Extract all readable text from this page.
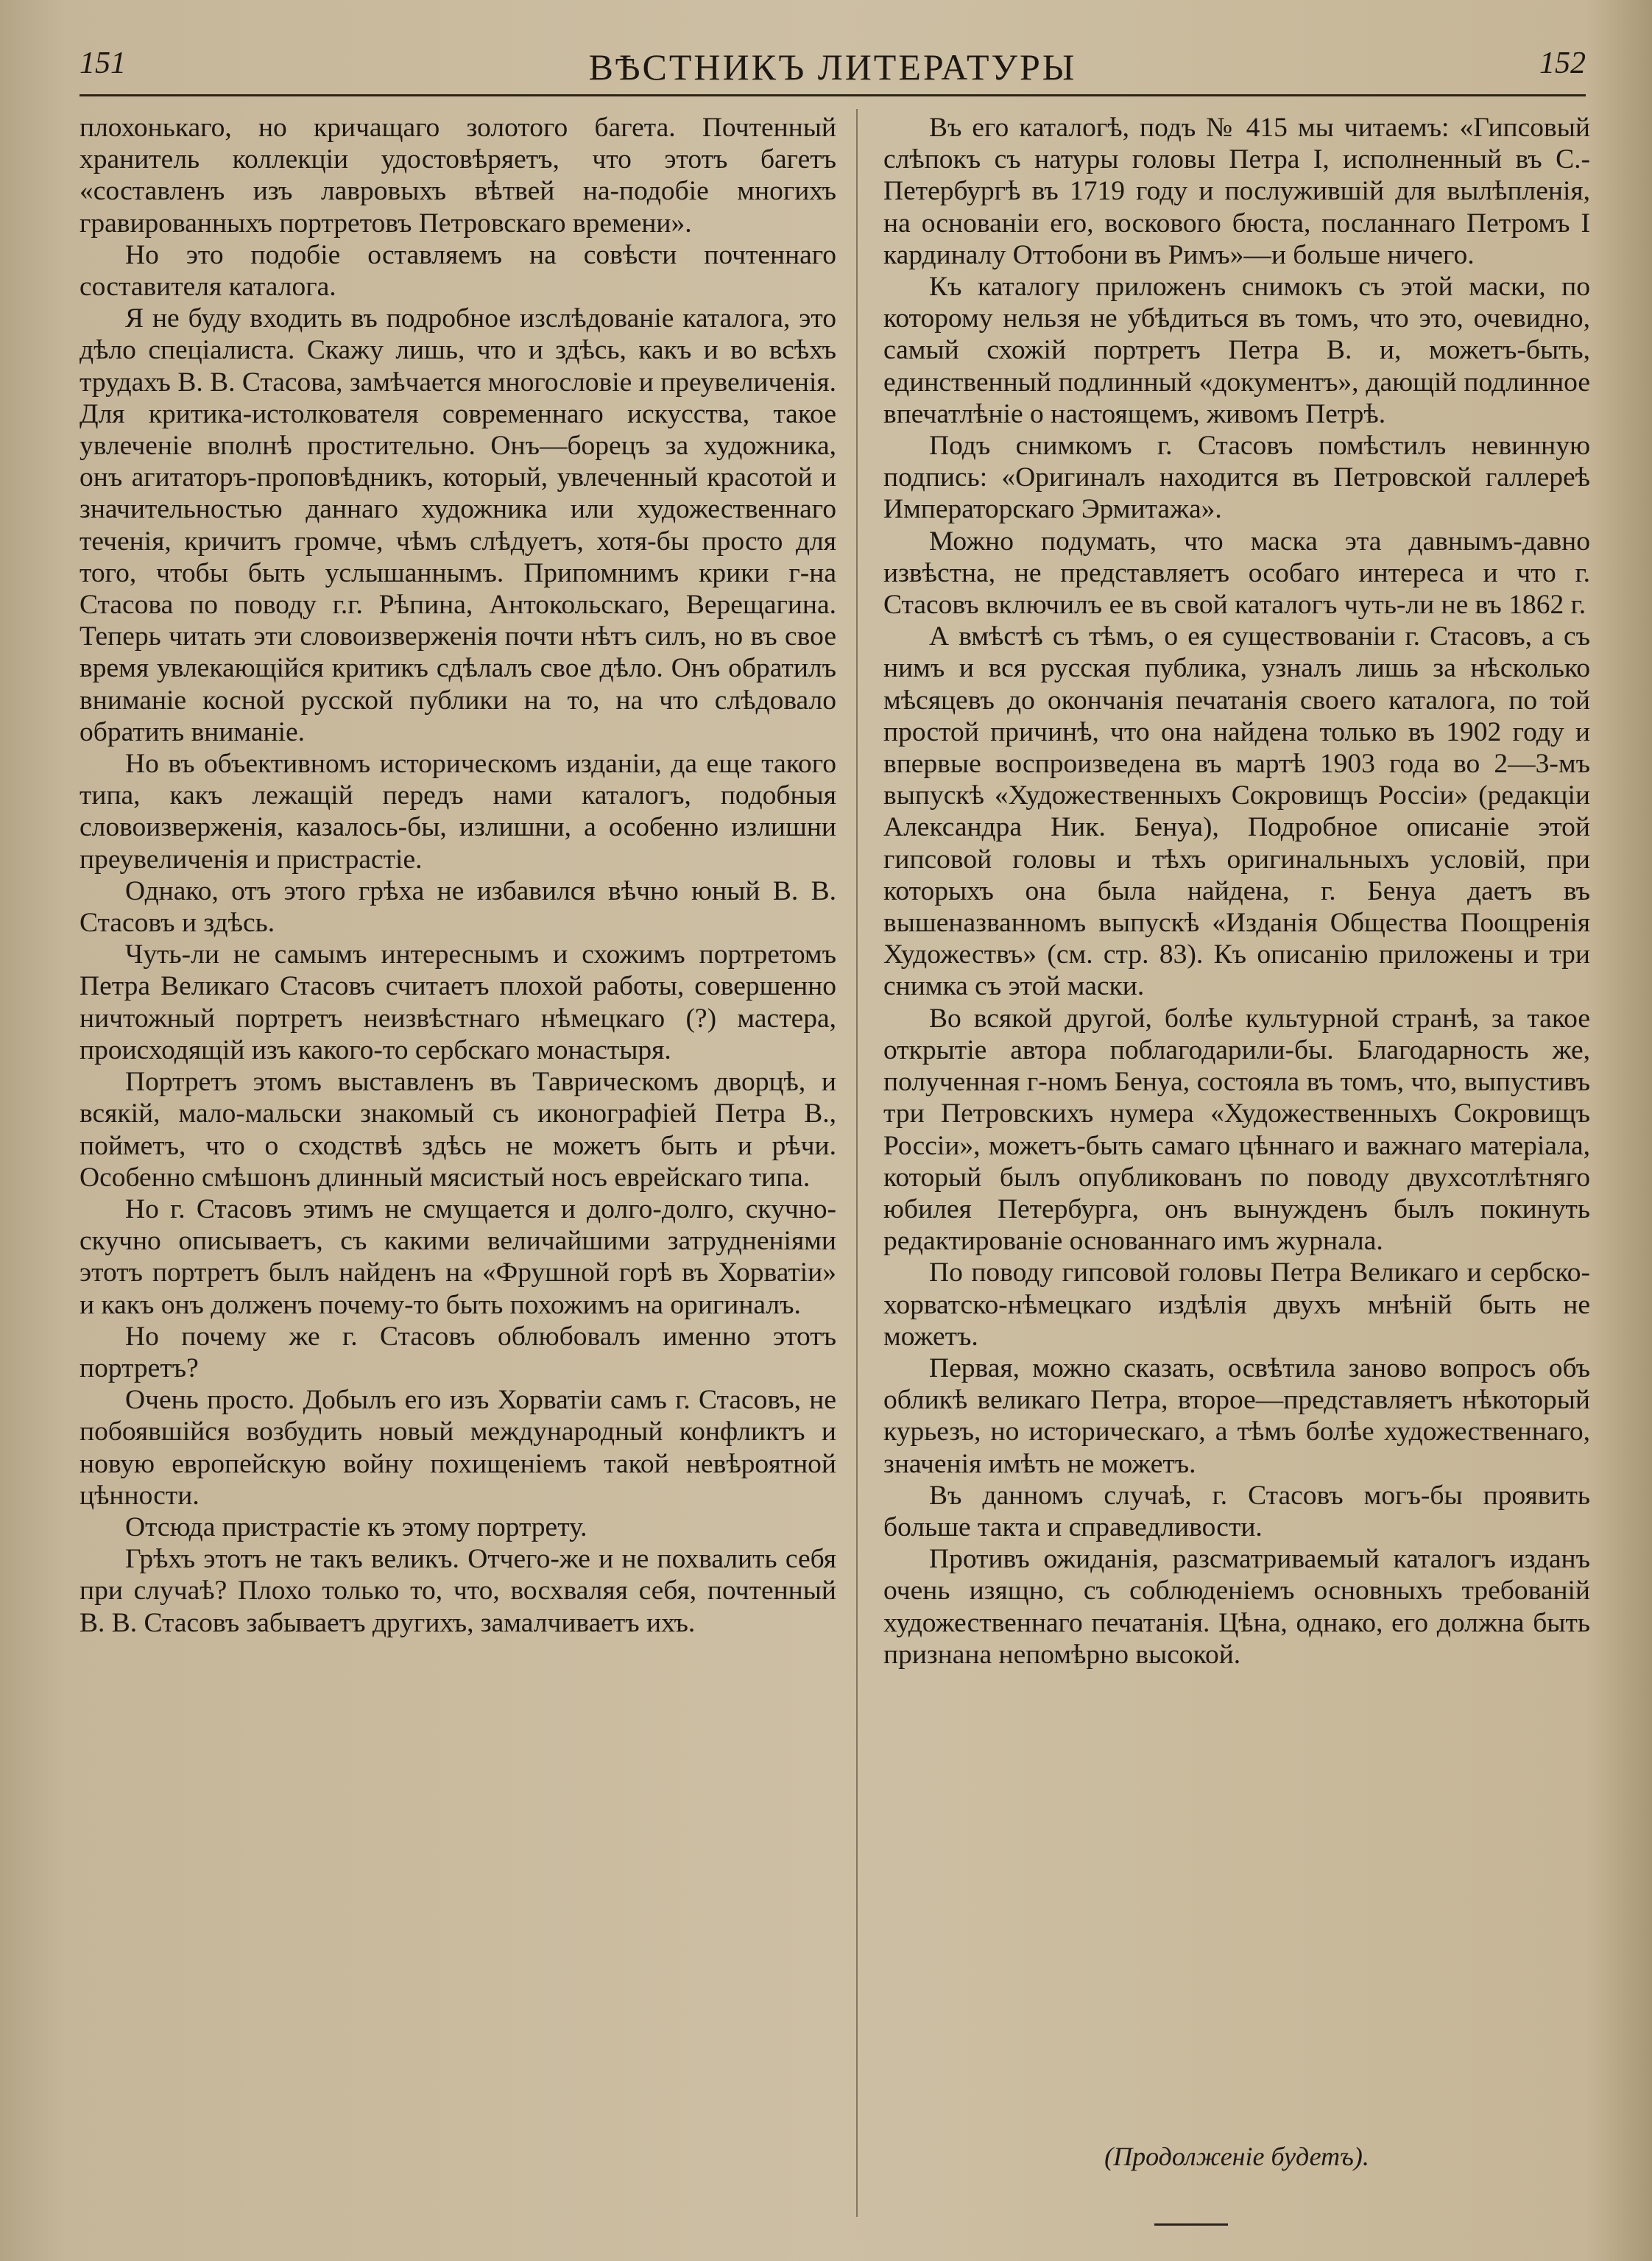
151	ВѢСТНИКЪ ЛИТЕРАТУРЫ	152

плохонькаго, но кричащаго золотого багета. Почтенный хранитель коллекціи удостовѣряетъ, что этотъ багетъ «составленъ изъ лавровыхъ вѣтвей на-подобіе многихъ гравированныхъ портретовъ Петровскаго времени».

Но это подобіе оставляемъ на совѣсти почтеннаго составителя каталога.

Я не буду входить въ подробное изслѣдованіе каталога, это дѣло спеціалиста. Скажу лишь, что и здѣсь, какъ и во всѣхъ трудахъ В. В. Стасова, замѣчается многословіе и преувеличенія. Для критика-истолкователя современнаго искусства, такое увлеченіе вполнѣ простительно. Онъ—борецъ за художника, онъ агитаторъ-проповѣдникъ, который, увлеченный красотой и значительностью даннаго художника или художественнаго теченія, кричитъ громче, чѣмъ слѣдуетъ, хотя-бы просто для того, чтобы быть услышаннымъ. Припомнимъ крики г-на Стасова по поводу г.г. Рѣпина, Антокольскаго, Верещагина. Теперь читать эти словоизверженія почти нѣтъ силъ, но въ свое время увлекающійся критикъ сдѣлалъ свое дѣло. Онъ обратилъ вниманіе косной русской публики на то, на что слѣдовало обратить вниманіе.

Но въ объективномъ историческомъ изданіи, да еще такого типа, какъ лежащій передъ нами каталогъ, подобныя словоизверженія, казалось-бы, излишни, а особенно излишни преувеличенія и пристрастіе.

Однако, отъ этого грѣха не избавился вѣчно юный В. В. Стасовъ и здѣсь.

Чуть-ли не самымъ интереснымъ и схожимъ портретомъ Петра Великаго Стасовъ считаетъ плохой работы, совершенно ничтожный портретъ неизвѣстнаго нѣмецкаго (?) мастера, происходящій изъ какого-то сербскаго монастыря.

Портретъ этомъ выставленъ въ Таврическомъ дворцѣ, и всякій, мало-мальски знакомый съ иконографіей Петра В., пойметъ, что о сходствѣ здѣсь не можетъ быть и рѣчи. Особенно смѣшонъ длинный мясистый носъ еврейскаго типа.

Но г. Стасовъ этимъ не смущается и долго-долго, скучно-скучно описываетъ, съ какими величайшими затрудненіями этотъ портретъ былъ найденъ на «Фрушной горѣ въ Хорватіи» и какъ онъ долженъ почему-то быть похожимъ на оригиналъ.

Но почему же г. Стасовъ облюбовалъ именно этотъ портретъ?

Очень просто. Добылъ его изъ Хорватіи самъ г. Стасовъ, не побоявшійся возбудить новый международный конфликтъ и новую европейскую войну похищеніемъ такой невѣроятной цѣнности.

Отсюда пристрастіе къ этому портрету.

Грѣхъ этотъ не такъ великъ. Отчего-же и не похвалить себя при случаѣ? Плохо только то, что, восхваляя себя, почтенный В. В. Стасовъ забываетъ другихъ, замалчиваетъ ихъ.

Въ его каталогѣ, подъ № 415 мы читаемъ: «Гипсовый слѣпокъ съ натуры головы Петра I, исполненный въ С.-Петербургѣ въ 1719 году и послужившій для вылѣпленія, на основаніи его, воскового бюста, посланнаго Петромъ I кардиналу Оттобони въ Римъ»—и больше ничего.

Къ каталогу приложенъ снимокъ съ этой маски, по которому нельзя не убѣдиться въ томъ, что это, очевидно, самый схожій портретъ Петра В. и, можетъ-быть, единственный подлинный «документъ», дающій подлинное впечатлѣніе о настоящемъ, живомъ Петрѣ.

Подъ снимкомъ г. Стасовъ помѣстилъ невинную подпись: «Оригиналъ находится въ Петровской галлереѣ Императорскаго Эрмитажа».

Можно подумать, что маска эта давнымъ-давно извѣстна, не представляетъ особаго интереса и что г. Стасовъ включилъ ее въ свой каталогъ чуть-ли не въ 1862 г.

А вмѣстѣ съ тѣмъ, о ея существованіи г. Стасовъ, а съ нимъ и вся русская публика, узналъ лишь за нѣсколько мѣсяцевъ до окончанія печатанія своего каталога, по той простой причинѣ, что она найдена только въ 1902 году и впервые воспроизведена въ мартѣ 1903 года во 2—3-мъ выпускѣ «Художественныхъ Сокровищъ Россіи» (редакціи Александра Ник. Бенуа), Подробное описаніе этой гипсовой головы и тѣхъ оригинальныхъ условій, при которыхъ она была найдена, г. Бенуа даетъ въ вышеназванномъ выпускѣ «Изданія Общества Поощренія Художествъ» (см. стр. 83). Къ описанію приложены и три снимка съ этой маски.

Во всякой другой, болѣе культурной странѣ, за такое открытіе автора поблагодарили-бы. Благодарность же, полученная г-номъ Бенуа, состояла въ томъ, что, выпустивъ три Петровскихъ нумера «Художественныхъ Сокровищъ Россіи», можетъ-быть самаго цѣннаго и важнаго матеріала, который былъ опубликованъ по поводу двухсотлѣтняго юбилея Петербурга, онъ вынужденъ былъ покинуть редактированіе основаннаго имъ журнала.

По поводу гипсовой головы Петра Великаго и сербско-хорватско-нѣмецкаго издѣлія двухъ мнѣній быть не можетъ.

Первая, можно сказать, освѣтила заново вопросъ объ обликѣ великаго Петра, второе—представляетъ нѣкоторый курьезъ, но историческаго, а тѣмъ болѣе художественнаго, значенія имѣть не можетъ.

Въ данномъ случаѣ, г. Стасовъ могъ-бы проявить больше такта и справедливости.

Противъ ожиданія, разсматриваемый каталогъ изданъ очень изящно, съ соблюденіемъ основныхъ требованій художественнаго печатанія. Цѣна, однако, его должна быть признана непомѣрно высокой.

(Продолженіе будетъ).
